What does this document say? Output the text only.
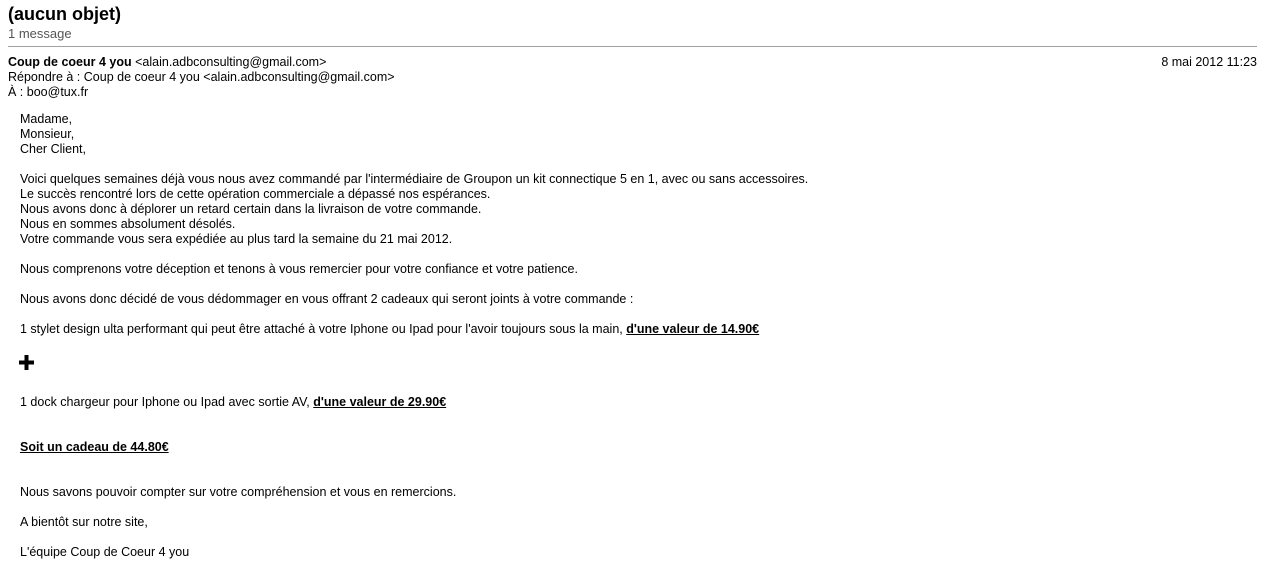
(aucun objet)
1 message
Coup de coeur 4 you <alain.adbconsulting@gmail.com>	8 mai 2012 11:23
Répondre à : Coup de coeur 4 you <alain.adbconsulting@gmail.com>
À : boo@tux.fr
Madame,
Monsieur,
Cher Client,
Voici quelques semaines déjà vous nous avez commandé par l'intermédiaire de Groupon un kit connectique 5 en 1, avec ou sans accessoires.
Le succès rencontré lors de cette opération commerciale a dépassé nos espérances.
Nous avons donc à déplorer un retard certain dans la livraison de votre commande.
Nous en sommes absolument désolés.
Votre commande vous sera expédiée au plus tard la semaine du 21 mai 2012.
Nous comprenons votre déception et tenons à vous remercier pour votre confiance et votre patience.
Nous avons donc décidé de vous dédommager en vous offrant 2 cadeaux qui seront joints à votre commande :
1 stylet design ulta performant qui peut être attaché à votre Iphone ou Ipad pour l'avoir toujours sous la main, d'une valeur de 14.90€
1 dock chargeur pour Iphone ou Ipad avec sortie AV, d'une valeur de 29.90€
Soit un cadeau de 44.80€
Nous savons pouvoir compter sur votre compréhension et vous en remercions.
A bientôt sur notre site,
L'équipe Coup de Coeur 4 you
